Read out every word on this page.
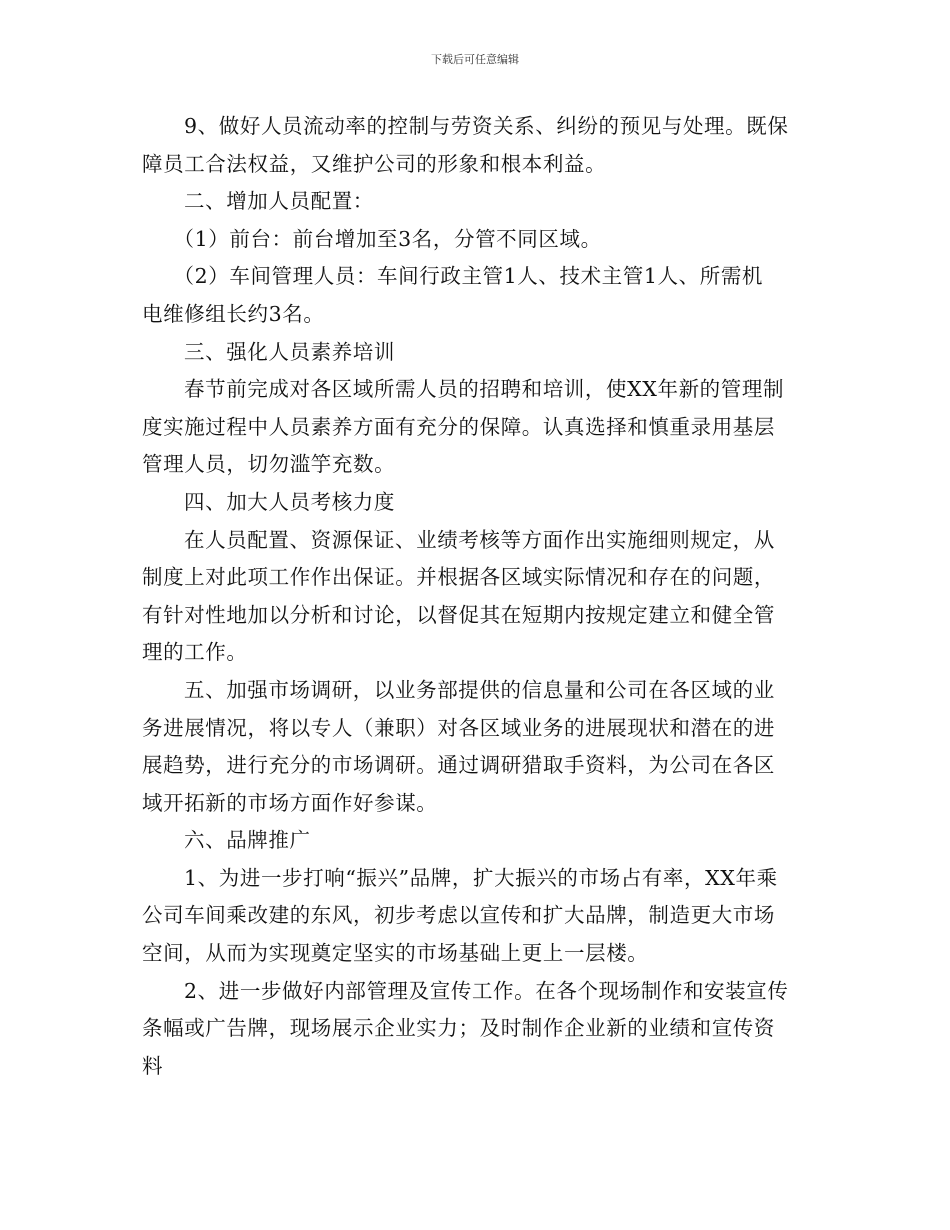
下载后可任意编辑
9、做好人员流动率的控制与劳资关系、纠纷的预见与处理。既保
障员工合法权益，又维护公司的形象和根本利益。
二、增加人员配置：
（1）前台：前台增加至3名，分管不同区域。
（2）车间管理人员：车间行政主管1人、技术主管1人、所需机
电维修组长约3名。
三、强化人员素养培训
春节前完成对各区域所需人员的招聘和培训，使XX年新的管理制
度实施过程中人员素养方面有充分的保障。认真选择和慎重录用基层
管理人员，切勿滥竽充数。
四、加大人员考核力度
在人员配置、资源保证、业绩考核等方面作出实施细则规定，从
制度上对此项工作作出保证。并根据各区域实际情况和存在的问题，
有针对性地加以分析和讨论，以督促其在短期内按规定建立和健全管
理的工作。
五、加强市场调研，以业务部提供的信息量和公司在各区域的业
务进展情况，将以专人（兼职）对各区域业务的进展现状和潜在的进
展趋势，进行充分的市场调研。通过调研猎取手资料，为公司在各区
域开拓新的市场方面作好参谋。
六、品牌推广
1、为进一步打响“振兴”品牌，扩大振兴的市场占有率，XX年乘
公司车间乘改建的东风，初步考虑以宣传和扩大品牌，制造更大市场
空间，从而为实现奠定坚实的市场基础上更上一层楼。
2、进一步做好内部管理及宣传工作。在各个现场制作和安装宣传
条幅或广告牌，现场展示企业实力；及时制作企业新的业绩和宣传资
料
